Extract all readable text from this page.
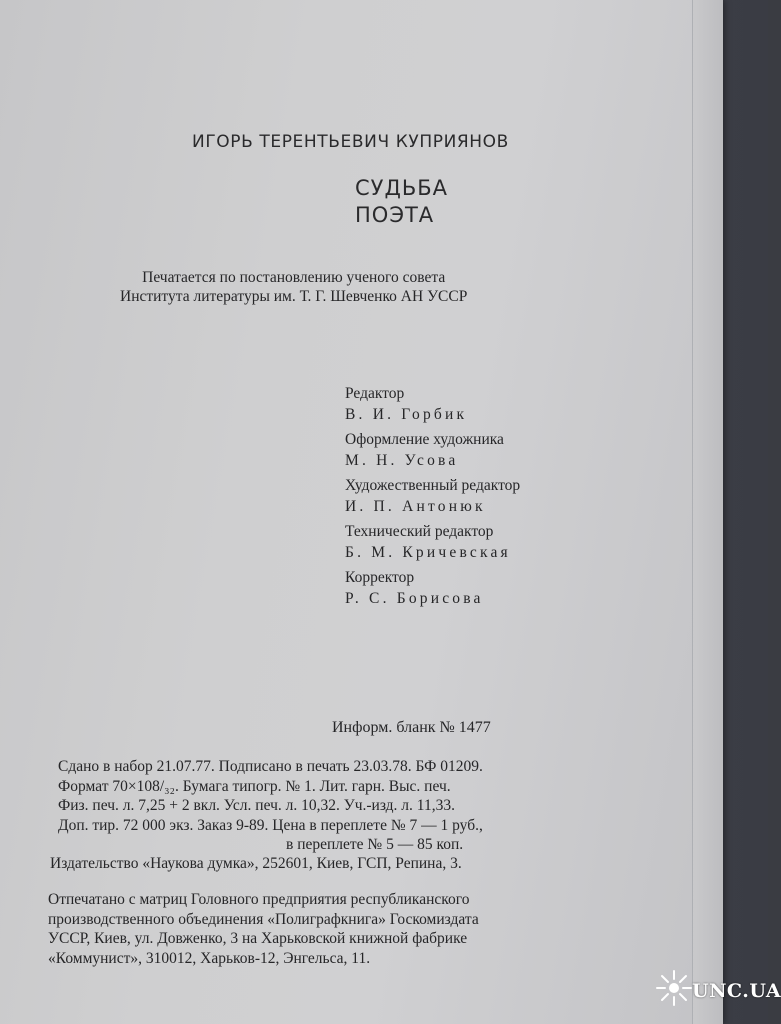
ИГОРЬ ТЕРЕНТЬЕВИЧ КУПРИЯНОВ

СУДЬБА
ПОЭТА
Печатается по постановлению ученого совета
Института литературы им. Т. Г. Шевченко АН УССР
Редактор
В. И. Горбик
Оформление художника
М. Н. Усова
Художественный редактор
И. П. Антонюк
Технический редактор
Б. М. Кричевская
Корректор
Р. С. Борисова

Информ. бланк № 1477

Сдано в набор 21.07.77. Подписано в печать 23.03.78. БФ 01209.
Формат 70×108/₃₂. Бумага типогр. № 1. Лит. гарн. Выс. печ.
Физ. печ. л. 7,25 + 2 вкл. Усл. печ. л. 10,32. Уч.-изд. л. 11,33.
Доп. тир. 72 000 экз. Заказ 9-89. Цена в переплете № 7 — 1 руб.,
в переплете № 5 — 85 коп.

Издательство «Наукова думка», 252601, Киев, ГСП, Репина, 3.

Отпечатано с матриц Головного предприятия республиканского
производственного объединения «Полиграфкнига» Госкомиздата
УССР, Киев, ул. Довженко, 3 на Харьковской книжной фабрике
«Коммунист», 310012, Харьков-12, Энгельса, 11.
UNC.UA
